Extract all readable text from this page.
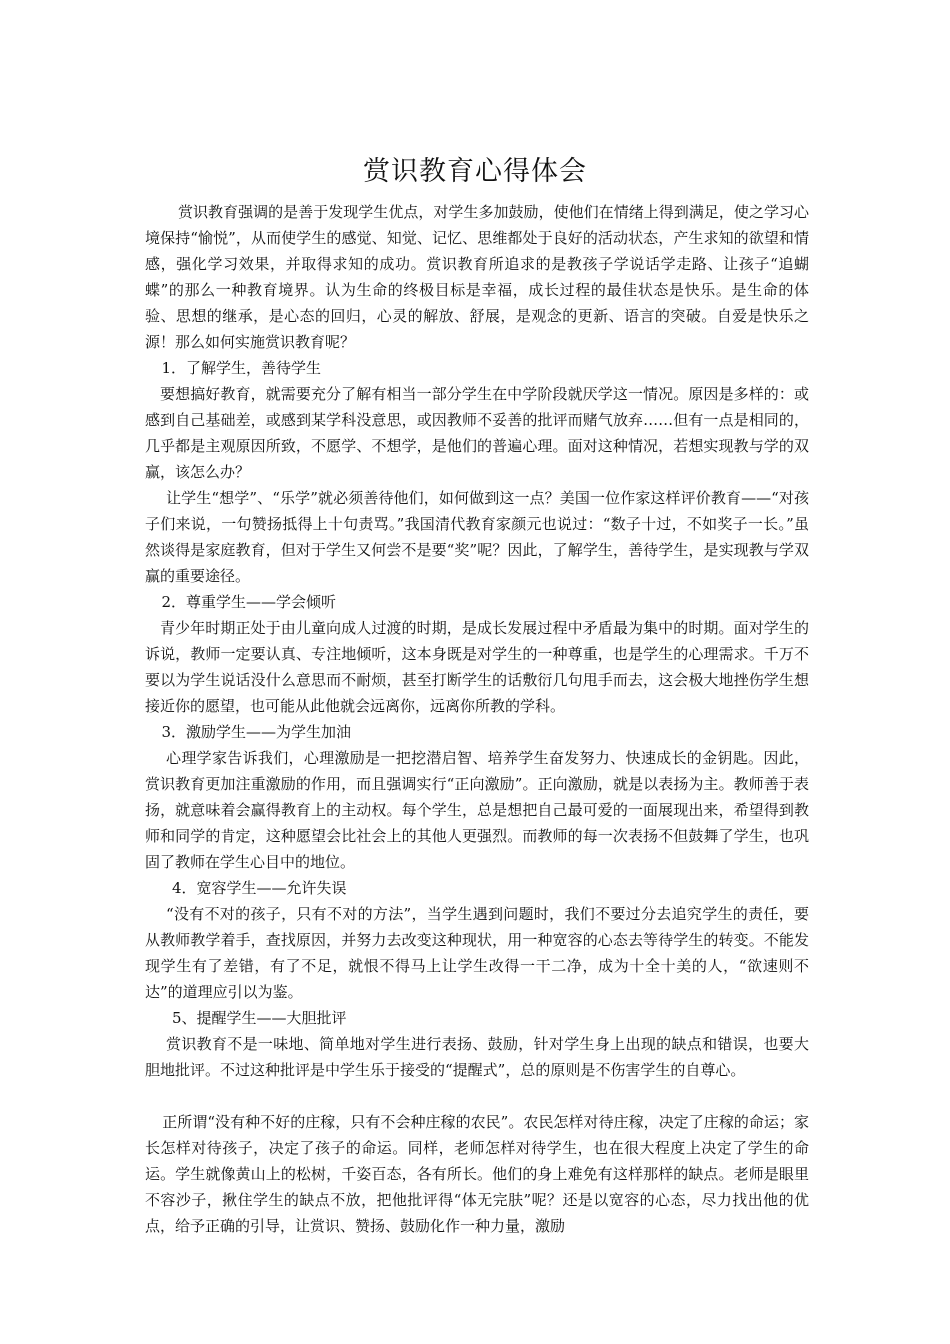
赏识教育心得体会

赏识教育强调的是善于发现学生优点，对学生多加鼓励，使他们在情绪上得到满足，使之学习心境保持“愉悦”，从而使学生的感觉、知觉、记忆、思维都处于良好的活动状态，产生求知的欲望和情感，强化学习效果，并取得求知的成功。赏识教育所追求的是教孩子学说话学走路、让孩子“追蝴蝶”的那么一种教育境界。认为生命的终极目标是幸福，成长过程的最佳状态是快乐。是生命的体验、思想的继承，是心态的回归，心灵的解放、舒展，是观念的更新、语言的突破。自爱是快乐之源！那么如何实施赏识教育呢？

1．了解学生，善待学生

要想搞好教育，就需要充分了解有相当一部分学生在中学阶段就厌学这一情况。原因是多样的：或感到自己基础差，或感到某学科没意思，或因教师不妥善的批评而赌气放弃……但有一点是相同的，几乎都是主观原因所致，不愿学、不想学，是他们的普遍心理。面对这种情况，若想实现教与学的双赢，该怎么办？

让学生“想学”、“乐学”就必须善待他们，如何做到这一点？美国一位作家这样评价教育——“对孩子们来说，一句赞扬抵得上十句责骂。”我国清代教育家颜元也说过：“数子十过，不如奖子一长。”虽然谈得是家庭教育，但对于学生又何尝不是要“奖”呢？因此，了解学生，善待学生，是实现教与学双赢的重要途径。

2．尊重学生——学会倾听

青少年时期正处于由儿童向成人过渡的时期，是成长发展过程中矛盾最为集中的时期。面对学生的诉说，教师一定要认真、专注地倾听，这本身既是对学生的一种尊重，也是学生的心理需求。千万不要以为学生说话没什么意思而不耐烦，甚至打断学生的话敷衍几句甩手而去，这会极大地挫伤学生想接近你的愿望，也可能从此他就会远离你，远离你所教的学科。

3．激励学生——为学生加油

心理学家告诉我们，心理激励是一把挖潜启智、培养学生奋发努力、快速成长的金钥匙。因此，赏识教育更加注重激励的作用，而且强调实行“正向激励”。正向激励，就是以表扬为主。教师善于表扬，就意味着会赢得教育上的主动权。每个学生，总是想把自己最可爱的一面展现出来，希望得到教师和同学的肯定，这种愿望会比社会上的其他人更强烈。而教师的每一次表扬不但鼓舞了学生，也巩固了教师在学生心目中的地位。

4．宽容学生——允许失误

“没有不对的孩子，只有不对的方法”，当学生遇到问题时，我们不要过分去追究学生的责任，要从教师教学着手，查找原因，并努力去改变这种现状，用一种宽容的心态去等待学生的转变。不能发现学生有了差错，有了不足，就恨不得马上让学生改得一干二净，成为十全十美的人，“欲速则不达”的道理应引以为鉴。

5、提醒学生——大胆批评

赏识教育不是一味地、简单地对学生进行表扬、鼓励，针对学生身上出现的缺点和错误，也要大胆地批评。不过这种批评是中学生乐于接受的“提醒式”，总的原则是不伤害学生的自尊心。

正所谓“没有种不好的庄稼，只有不会种庄稼的农民”。农民怎样对待庄稼，决定了庄稼的命运；家长怎样对待孩子，决定了孩子的命运。同样，老师怎样对待学生，也在很大程度上决定了学生的命运。学生就像黄山上的松树，千姿百态，各有所长。他们的身上难免有这样那样的缺点。老师是眼里不容沙子，揪住学生的缺点不放，把他批评得“体无完肤”呢？还是以宽容的心态，尽力找出他的优点，给予正确的引导，让赏识、赞扬、鼓励化作一种力量，激励
